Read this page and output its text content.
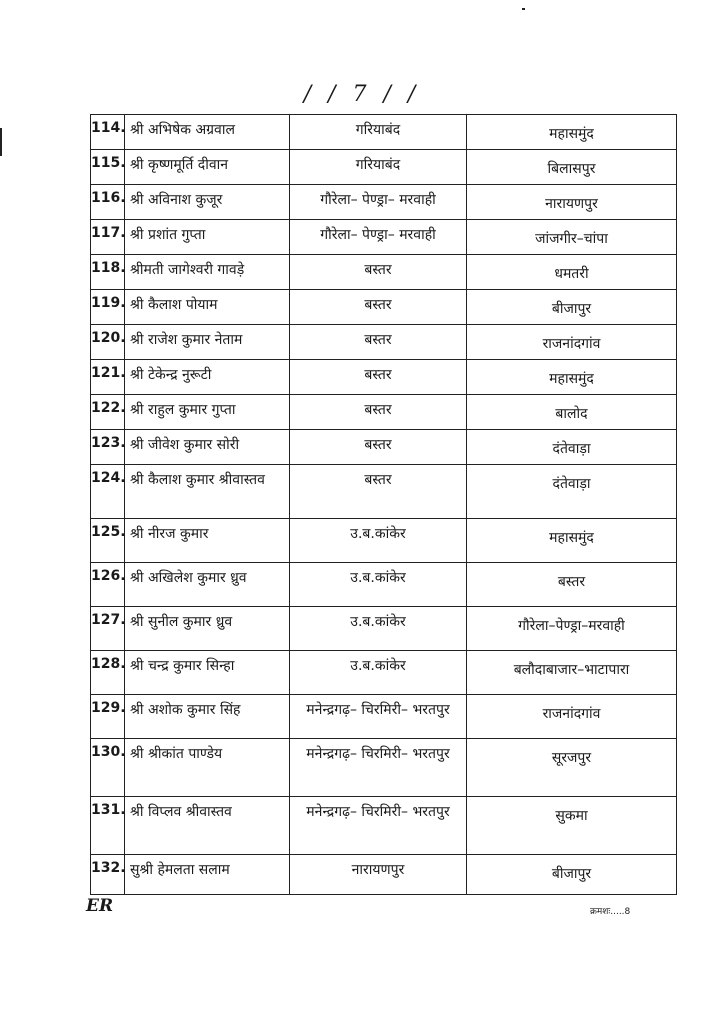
/ / 7 / /
114.	श्री अभिषेक अग्रवाल	गरियाबंद	महासमुंद
115.	श्री कृष्णमूर्ति दीवान	गरियाबंद	बिलासपुर
116.	श्री अविनाश कुजूर	गौरेला– पेण्ड्रा– मरवाही	नारायणपुर
117.	श्री प्रशांत गुप्ता	गौरेला– पेण्ड्रा– मरवाही	जांजगीर–चांपा
118.	श्रीमती जागेश्वरी गावड़े	बस्तर	धमतरी
119.	श्री कैलाश पोयाम	बस्तर	बीजापुर
120.	श्री राजेश कुमार नेताम	बस्तर	राजनांदगांव
121.	श्री टेकेन्द्र नुरूटी	बस्तर	महासमुंद
122.	श्री राहुल कुमार गुप्ता	बस्तर	बालोद
123.	श्री जीवेश कुमार सोरी	बस्तर	दंतेवाड़ा
124.	श्री कैलाश कुमार श्रीवास्तव	बस्तर	दंतेवाड़ा
125.	श्री नीरज कुमार	उ.ब.कांकेर	महासमुंद
126.	श्री अखिलेश कुमार ध्रुव	उ.ब.कांकेर	बस्तर
127.	श्री सुनील कुमार ध्रुव	उ.ब.कांकेर	गौरेला–पेण्ड्रा–मरवाही
128.	श्री चन्द्र कुमार सिन्हा	उ.ब.कांकेर	बलौदाबाजार–भाटापारा
129.	श्री अशोक कुमार सिंह	मनेन्द्रगढ़– चिरमिरी– भरतपुर	राजनांदगांव
130.	श्री श्रीकांत पाण्डेय	मनेन्द्रगढ़– चिरमिरी– भरतपुर	सूरजपुर
131.	श्री विप्लव श्रीवास्तव	मनेन्द्रगढ़– चिरमिरी– भरतपुर	सुकमा
132.	सुश्री हेमलता सलाम	नारायणपुर	बीजापुर
ER	क्रमशः.....8
